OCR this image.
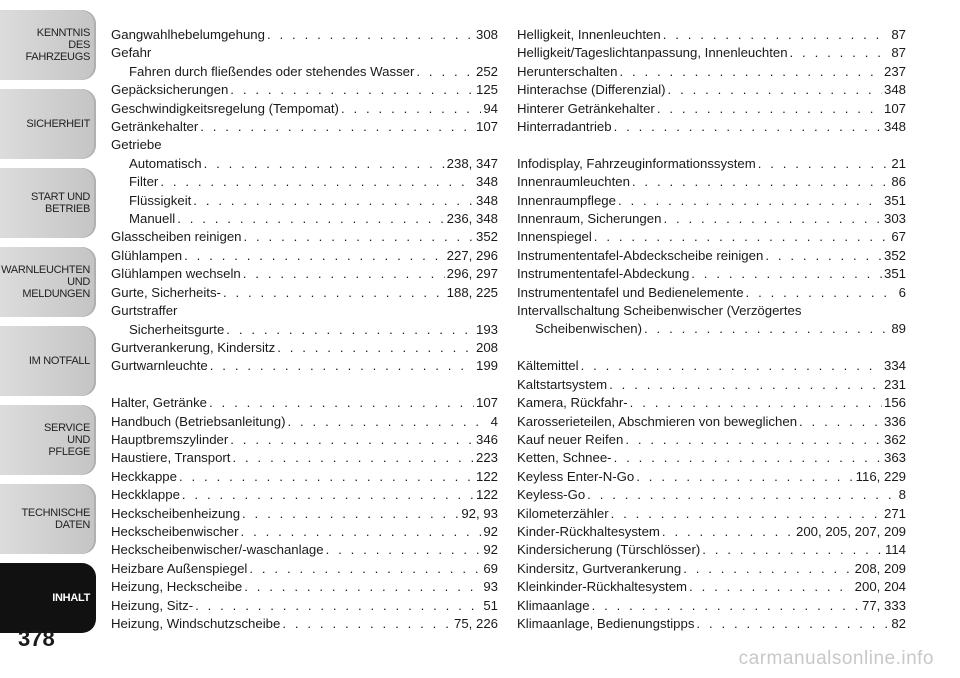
KENNTNIS
DES
FAHRZEUGS
SICHERHEIT
START UND
BETRIEB
WARNLEUCHTEN
UND
MELDUNGEN
IM NOTFALL
SERVICE
UND
PFLEGE
TECHNISCHE
DATEN
INHALT
378
Gangwahlhebelumgehung . . .	308
Gefahr
Fahren durch fließendes oder stehendes Wasser . . .	252
Gepäcksicherungen . . .	125
Geschwindigkeitsregelung (Tempomat) . . .	94
Getränkehalter . . .	107
Getriebe
Automatisch . . .	238, 347
Filter . . .	348
Flüssigkeit . . .	348
Manuell . . .	236, 348
Glasscheiben reinigen . . .	352
Glühlampen . . .	227, 296
Glühlampen wechseln . . .	296, 297
Gurte, Sicherheits- . . .	188, 225
Gurtstraffer
Sicherheitsgurte . . .	193
Gurtverankerung, Kindersitz . . .	208
Gurtwarnleuchte . . .	199
Halter, Getränke . . .	107
Handbuch (Betriebsanleitung) . . .	4
Hauptbremszylinder . . .	346
Haustiere, Transport . . .	223
Heckkappe . . .	122
Heckklappe . . .	122
Heckscheibenheizung . . .	92, 93
Heckscheibenwischer . . .	92
Heckscheibenwischer/-waschanlage . . .	92
Heizbare Außenspiegel . . .	69
Heizung, Heckscheibe . . .	93
Heizung, Sitz- . . .	51
Heizung, Windschutzscheibe . . .	75, 226
Helligkeit, Innenleuchten . . .	87
Helligkeit/Tageslichtanpassung, Innenleuchten . . .	87
Herunterschalten . . .	237
Hinterachse (Differenzial) . . .	348
Hinterer Getränkehalter . . .	107
Hinterradantrieb . . .	348
Infodisplay, Fahrzeuginformationssystem . . .	21
Innenraumleuchten . . .	86
Innenraumpflege . . .	351
Innenraum, Sicherungen . . .	303
Innenspiegel . . .	67
Instrumententafel-Abdeckscheibe reinigen . . .	352
Instrumententafel-Abdeckung . . .	351
Instrumententafel und Bedienelemente . . .	6
Intervallschaltung Scheibenwischer (Verzögertes
Scheibenwischen) . . .	89
Kältemittel . . .	334
Kaltstartsystem . . .	231
Kamera, Rückfahr- . . .	156
Karosserieteilen, Abschmieren von beweglichen . . .	336
Kauf neuer Reifen . . .	362
Ketten, Schnee- . . .	363
Keyless Enter-N-Go . . .	116, 229
Keyless-Go . . .	8
Kilometerzähler . . .	271
Kinder-Rückhaltesystem . . .	200, 205, 207, 209
Kindersicherung (Türschlösser) . . .	114
Kindersitz, Gurtverankerung . . .	208, 209
Kleinkinder-Rückhaltesystem . . .	200, 204
Klimaanlage . . .	77, 333
Klimaanlage, Bedienungstipps . . .	82
carmanualsonline.info
